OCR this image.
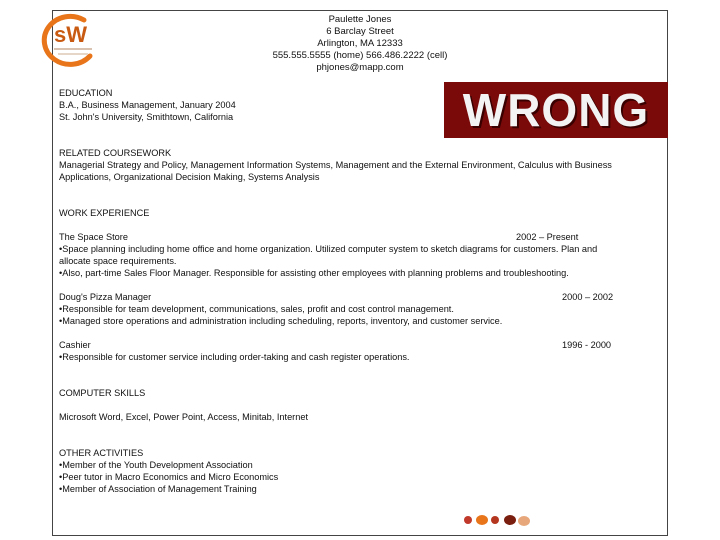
sW
Paulette Jones
6 Barclay Street
Arlington, MA 12333
555.555.5555 (home) 566.486.2222 (cell)
phjones@mapp.com
WRONG
EDUCATION
B.A., Business Management, January 2004
St. John's University, Smithtown, California
RELATED COURSEWORK
Managerial Strategy and Policy, Management Information Systems, Management and the External Environment, Calculus with Business
Applications, Organizational Decision Making, Systems Analysis
WORK EXPERIENCE
The Space Store	2002 – Present
•Space planning including home office and home organization. Utilized computer system to sketch diagrams for customers. Plan and
allocate space requirements.
•Also, part-time Sales Floor Manager. Responsible for assisting other employees with planning problems and troubleshooting.
Doug's Pizza Manager	2000 – 2002
•Responsible for team development, communications, sales, profit and cost control management.
•Managed store operations and administration including scheduling, reports, inventory, and customer service.
Cashier	1996 - 2000
•Responsible for customer service including order-taking and cash register operations.
COMPUTER SKILLS
Microsoft Word, Excel, Power Point, Access, Minitab, Internet
OTHER ACTIVITIES
•Member of the Youth Development Association
•Peer tutor in Macro Economics and Micro Economics
•Member of Association of Management Training
